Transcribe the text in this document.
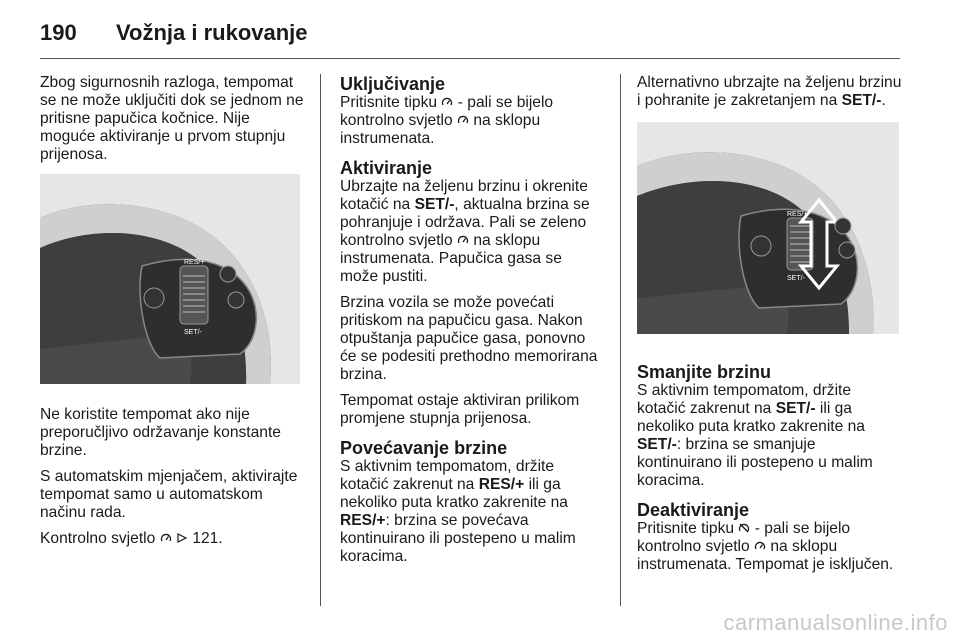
190 Vožnja i rukovanje

Zbog sigurnosnih razloga, tempomat se ne može uključiti dok se jednom ne pritisne papučica kočnice. Nije moguće aktiviranje u prvom stupnju prijenosa.

RES/+
SET/-

Ne koristite tempomat ako nije preporučljivo održavanje konstante brzine.

S automatskim mjenjačem, aktivirajte tempomat samo u automatskom načinu rada.

Kontrolno svjetlo 121.

Uključivanje

Pritisnite tipku - pali se bijelo kontrolno svjetlo na sklopu instrumenata.

Aktiviranje

Ubrzajte na željenu brzinu i okrenite kotačić na SET/-, aktualna brzina se pohranjuje i održava. Pali se zeleno kontrolno svjetlo na sklopu instrumenata. Papučica gasa se može pustiti.

Brzina vozila se može povećati pritiskom na papučicu gasa. Nakon otpuštanja papučice gasa, ponovno će se podesiti prethodno memorirana brzina.

Tempomat ostaje aktiviran prilikom promjene stupnja prijenosa.

Povećavanje brzine

S aktivnim tempomatom, držite kotačić zakrenut na RES/+ ili ga nekoliko puta kratko zakrenite na RES/+: brzina se povećava kontinuirano ili postepeno u malim koracima.

Alternativno ubrzajte na željenu brzinu i pohranite je zakretanjem na SET/-.

RES/+
SET/-
Smanjite brzinu

S aktivnim tempomatom, držite kotačić zakrenut na SET/- ili ga nekoliko puta kratko zakrenite na SET/-: brzina se smanjuje kontinuirano ili postepeno u malim koracima.

Deaktiviranje

Pritisnite tipku - pali se bijelo kontrolno svjetlo na sklopu instrumenata. Tempomat je isključen.

carmanualsonline.info
